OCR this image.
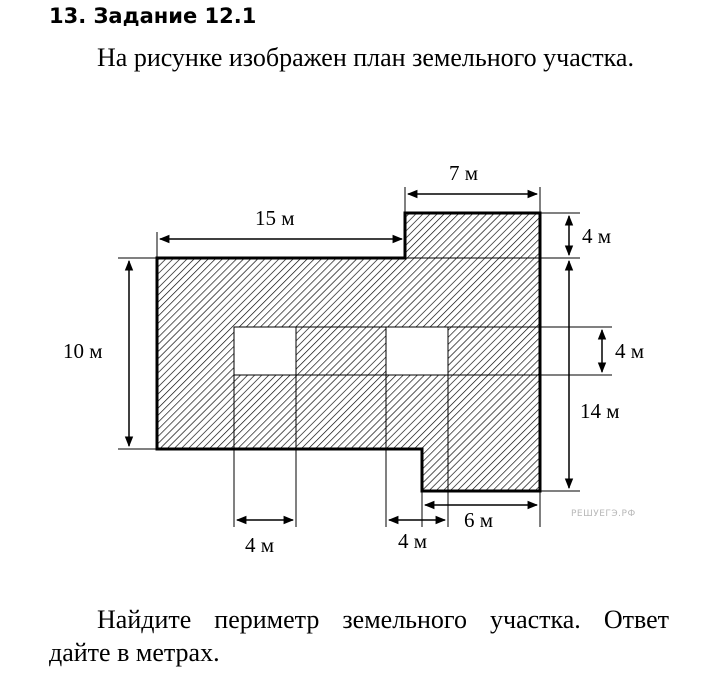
13. Задание 12.1
На рисунке изображен план земельного участка.
7 м
15 м
4 м
10 м	4 м
14 м
4 м	4 м
6 м	РЕШУЕГЭ.РФ
Найдите периметр земельного участка. Ответ дайте в метрах.
